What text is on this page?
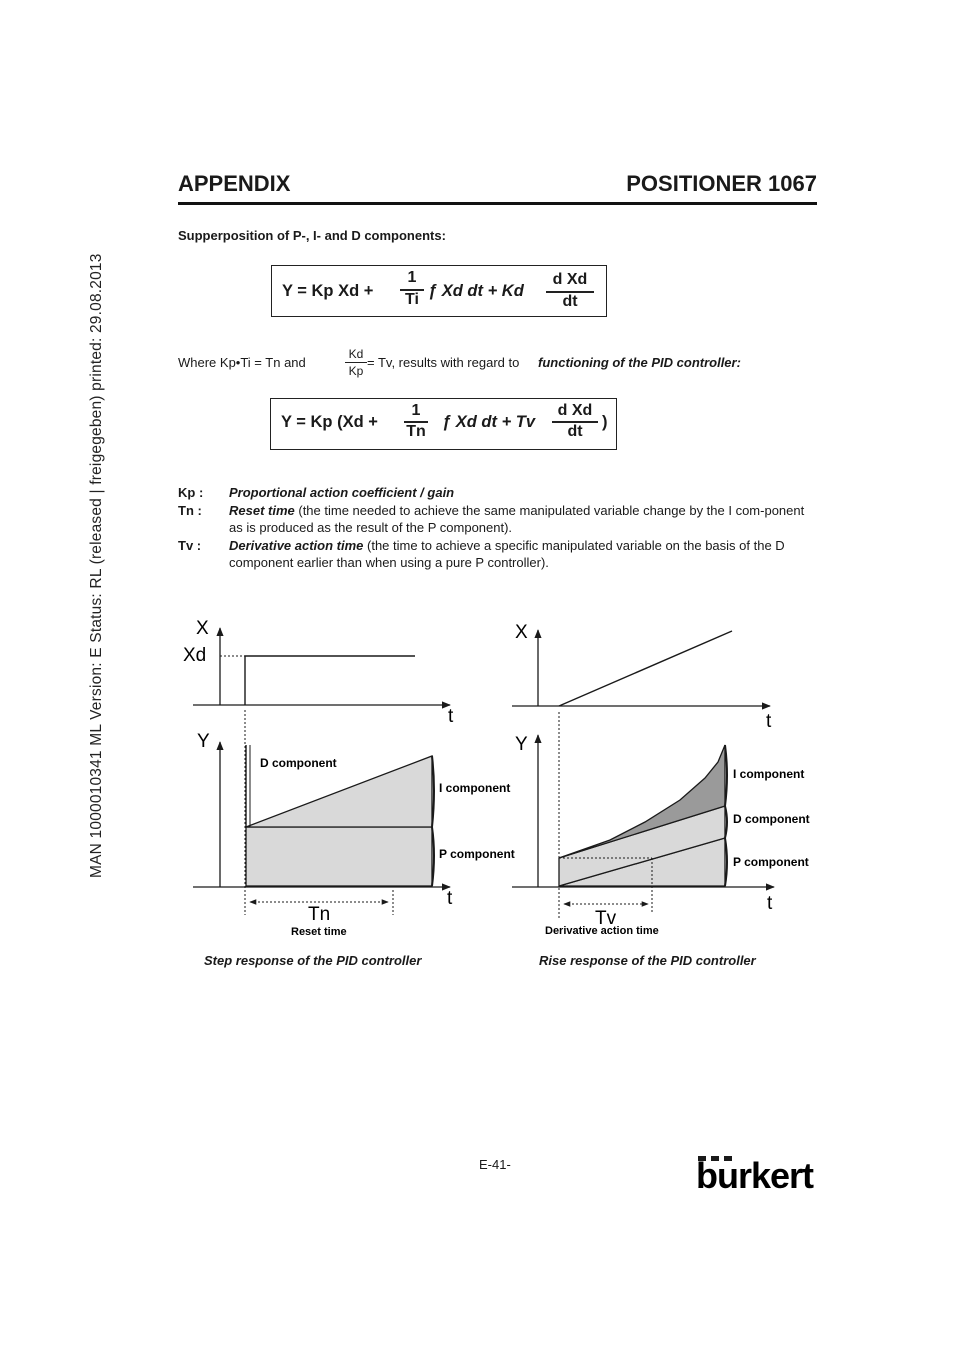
MAN 1000010341 ML Version: E Status: RL (released | freigegeben) printed: 29.08.2013
APPENDIX	POSITIONER 1067
Supperposition of P-, I- and D components:
Y = Kp Xd +
1
Ti ƒ Xd dt + Kd
d Xd
dt
Where Kp•Ti = Tn and
Kd
Kp
= Tv, results with regard to functioning of the PID controller:
Y = Kp (Xd +
1
Tn
ƒ Xd dt + Tv
d Xd
dt
)
Kp : Proportional action coefficient / gain
Tn : Reset time (the time needed to achieve the same manipulated variable change by the I com-ponent as is produced as the result of the P component).
Tv : Derivative action time (the time to achieve a specific manipulated variable on the basis of the D component earlier than when using a pure P controller).
X
Xd
t
Y
t
D component
I component
P component
Tn
Reset time
X
t
Y
t
I component
D component
P component
Tv
Derivative action time
burkert
Step response of the PID controller	Rise response of the PID controller
E-41-
